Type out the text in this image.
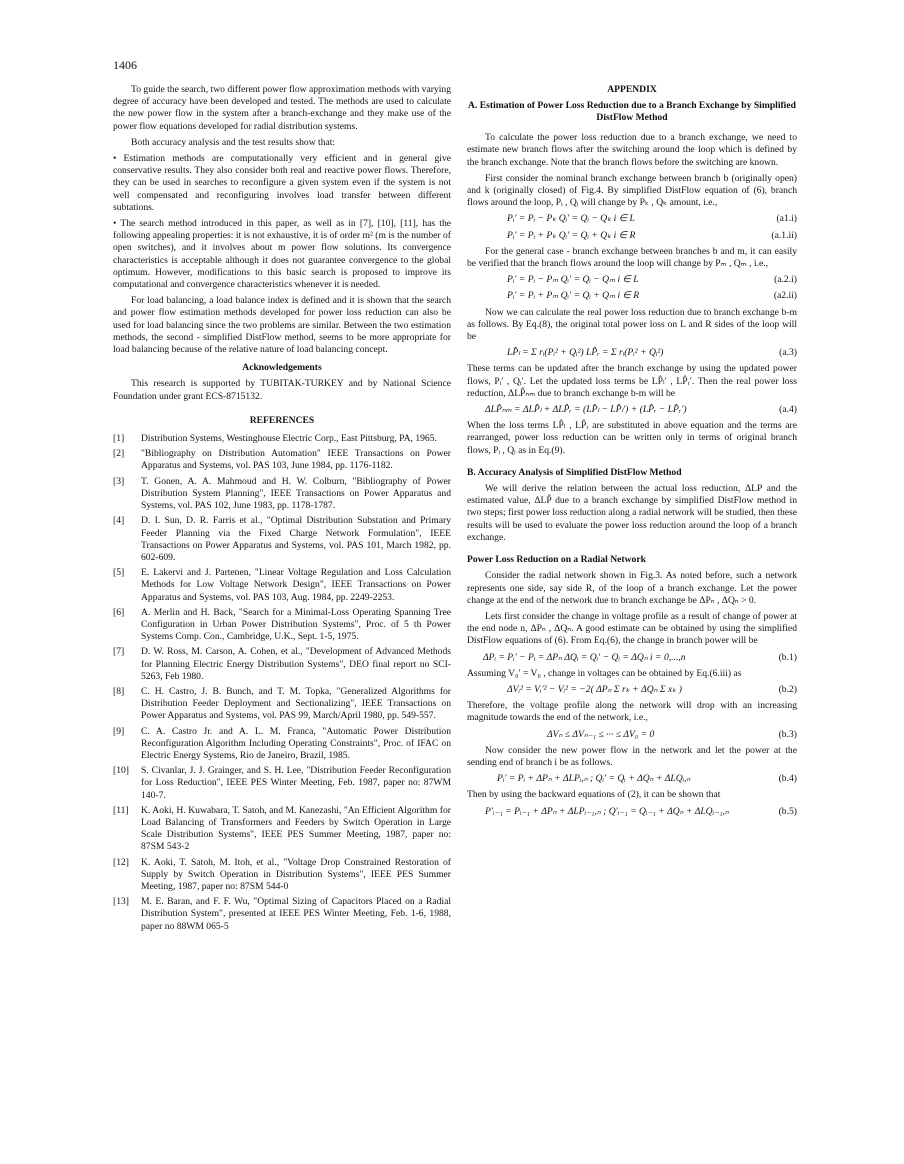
1406

To guide the search, two different power flow approximation methods with varying degree of accuracy have been developed and tested. The methods are used to calculate the new power flow in the system after a branch-exchange and they make use of the power flow equations developed for radial distribution systems.

Both accuracy analysis and the test results show that:

• Estimation methods are computationally very efficient and in general give conservative results. They also consider both real and reactive power flows. Therefore, they can be used in searches to reconfigure a given system even if the system is not well compensated and reconfiguring involves load transfer between different subtations.

• The search method introduced in this paper, as well as in [7], [10], [11], has the following appealing properties: it is not exhaustive, it is of order m² (m is the number of open switches), and it involves about m power flow solutions. Its convergence characteristics is acceptable although it does not guarantee convergence to the global optimum. However, modifications to this basic search is proposed to improve its computational and convergence characteristics whenever it is needed.

For load balancing, a load balance index is defined and it is shown that the search and power flow estimation methods developed for power loss reduction can also be used for load balancing since the two problems are similar. Between the two estimation methods, the second - simplified DistFlow method, seems to be more appropriate for load balancing because of the relative nature of load balancing concept.

Acknowledgements

This research is supported by TUBITAK-TURKEY and by National Science Foundation under grant ECS-8715132.

REFERENCES
[1]	Distribution Systems, Westinghouse Electric Corp., East Pittsburg, PA, 1965.
[2]	"Bibliography on Distribution Automation" IEEE Transactions on Power Apparatus and Systems, vol. PAS 103, June 1984, pp. 1176-1182.
[3]	T. Gonen, A. A. Mahmoud and H. W. Colburn, "Bibliography of Power Distribution System Planning", IEEE Transactions on Power Apparatus and Systems, vol. PAS 102, June 1983, pp. 1178-1787.
[4]	D. I. Sun, D. R. Farris et al., "Optimal Distribution Substation and Primary Feeder Planning via the Fixed Charge Network Formulation", IEEE Transactions on Power Apparatus and Systems, vol. PAS 101, March 1982, pp. 602-609.
[5]	E. Lakervi and J. Partenen, "Linear Voltage Regulation and Loss Calculation Methods for Low Voltage Network Design", IEEE Transactions on Power Apparatus and Systems, vol. PAS 103, Aug. 1984, pp. 2249-2253.
[6]	A. Merlin and H. Back, "Search for a Minimal-Loss Operating Spanning Tree Configuration in Urban Power Distribution Systems", Proc. of 5 th Power Systems Comp. Con., Cambridge, U.K., Sept. 1-5, 1975.
[7]	D. W. Ross, M. Carson, A. Cohen, et al., "Development of Advanced Methods for Planning Electric Energy Distribution Systems", DEO final report no SCI-5263, Feb 1980.
[8]	C. H. Castro, J. B. Bunch, and T. M. Topka, "Generalized Algorithms for Distribution Feeder Deployment and Sectionalizing", IEEE Transactions on Power Apparatus and Systems, vol. PAS 99, March/April 1980, pp. 549-557.
[9]	C. A. Castro Jr. and A. L. M. Franca, "Automatic Power Distribution Reconfiguration Algorithm Including Operating Constraints", Proc. of IFAC on Electric Energy Systems, Rio de Janeiro, Brazil, 1985.
[10]	S. Civanlar, J. J. Grainger, and S. H. Lee, "Distribution Feeder Reconfiguration for Loss Reduction", IEEE PES Winter Meeting, Feb. 1987, paper no: 87WM 140-7.
[11]	K. Aoki, H. Kuwabara, T. Satoh, and M. Kanezashi, "An Efficient Algorithm for Load Balancing of Transformers and Feeders by Switch Operation in Large Scale Distribution Systems", IEEE PES Summer Meeting, 1987, paper no: 87SM 543-2
[12]	K. Aoki, T. Satoh, M. Itoh, et al., "Voltage Drop Constrained Restoration of Supply by Switch Operation in Distribution Systems", IEEE PES Summer Meeting, 1987, paper no: 87SM 544-0
[13]	M. E. Baran, and F. F. Wu, "Optimal Sizing of Capacitors Placed on a Radial Distribution System", presented at IEEE PES Winter Meeting, Feb. 1-6, 1988, paper no 88WM 065-5
APPENDIX
A. Estimation of Power Loss Reduction due to a Branch Exchange by Simplified DistFlow Method

To calculate the power loss reduction due to a branch exchange, we need to estimate new branch flows after the switching around the loop which is defined by the branch exchange. Note that the branch flows before the switching are known.

First consider the nominal branch exchange between branch b (originally open) and k (originally closed) of Fig.4. By simplified DistFlow equation of (6), branch flows around the loop, Pᵢ , Qᵢ will change by Pₖ , Qₖ amount, i.e.,

Pᵢ′ = Pᵢ − Pₖ Qᵢ′ = Qᵢ − Qₖ i ∈ L	(a1.i)
Pᵢ′ = Pᵢ + Pₖ Qᵢ′ = Qᵢ + Qₖ i ∈ R	(a.1.ii)

For the general case - branch exchange between branches b and m, it can easily be verified that the branch flows around the loop will change by Pₘ , Qₘ , i.e.,

Pᵢ′ = Pᵢ − Pₘ Qᵢ′ = Qᵢ − Qₘ i ∈ L	(a.2.i)
Pᵢ′ = Pᵢ + Pₘ Qᵢ′ = Qᵢ + Qₘ i ∈ R	(a2.ii)

Now we can calculate the real power loss reduction due to branch exchange b-m as follows. By Eq.(8), the original total power loss on L and R sides of the loop will be

LP̂ₗ = Σ rᵢ(Pᵢ² + Qᵢ²) LP̂ᵣ = Σ rᵢ(Pᵢ² + Qᵢ²)	(a.3)

These terms can be updated after the branch exchange by using the updated power flows, Pᵢ′ , Qᵢ′. Let the updated loss terms be LP̂ₗ′ , LP̂ᵣ′. Then the real power loss reduction, ΔLP̂ₙₘ due to branch exchange b-m will be

ΔLP̂ₙₘ = ΔLP̂ₗ + ΔLP̂ᵣ = (LP̂ₗ − LP̂ₗ′) + (LP̂ᵣ − LP̂ᵣ′)	(a.4)

When the loss terms LP̂ₗ , LP̂ᵣ are substituted in above equation and the terms are rearranged, power loss reduction can be written only in terms of original branch flows, Pᵢ , Qᵢ as in Eq.(9).

B. Accuracy Analysis of Simplified DistFlow Method

We will derive the relation between the actual loss reduction, ΔLP and the estimated value, ΔLP̂ due to a branch exchange by simplified DistFlow method in two steps; first power loss reduction along a radial network will be studied, then these results will be used to evaluate the power loss reduction around the loop of a branch exchange.

Power Loss Reduction on a Radial Network

Consider the radial network shown in Fig.3. As noted before, such a network represents one side, say side R, of the loop of a branch exchange. Let the power change at the end of the network due to branch exchange be ΔPₙ , ΔQₙ > 0.

Lets first consider the change in voltage profile as a result of change of power at the end node n, ΔPₙ , ΔQₙ. A good estimate can be obtained by using the simplified DistFlow equations of (6). From Eq.(6), the change in branch power will be

ΔPᵢ = Pᵢ′ − Pᵢ = ΔPₙ ΔQᵢ = Qᵢ′ − Qᵢ = ΔQₙ i = 0,...,n	(b.1)

Assuming V₀′ = V₀ , change in voltages can be obtained by Eq.(6.iii) as

ΔVᵢ² = Vᵢ′² − Vᵢ² = −2( ΔPₙ Σ rₖ + ΔQₙ Σ xₖ )	(b.2)

Therefore, the voltage profile along the network will drop with an increasing magnitude towards the end of the network, i.e.,

ΔVₙ ≤ ΔVₙ₋₁ ≤ ··· ≤ ΔV₀ = 0	(b.3)

Now consider the new power flow in the network and let the power at the sending end of branch i be as follows.

Pᵢ′ = Pᵢ + ΔPₙ + ΔLPᵢ,ₙ ; Qᵢ′ = Qᵢ + ΔQₙ + ΔLQᵢ,ₙ	(b.4)

Then by using the backward equations of (2), it can be shown that

P′ᵢ₋₁ = Pᵢ₋₁ + ΔPₙ + ΔLPᵢ₋₁,ₙ ; Q′ᵢ₋₁ = Qᵢ₋₁ + ΔQₙ + ΔLQᵢ₋₁,ₙ	(b.5)
